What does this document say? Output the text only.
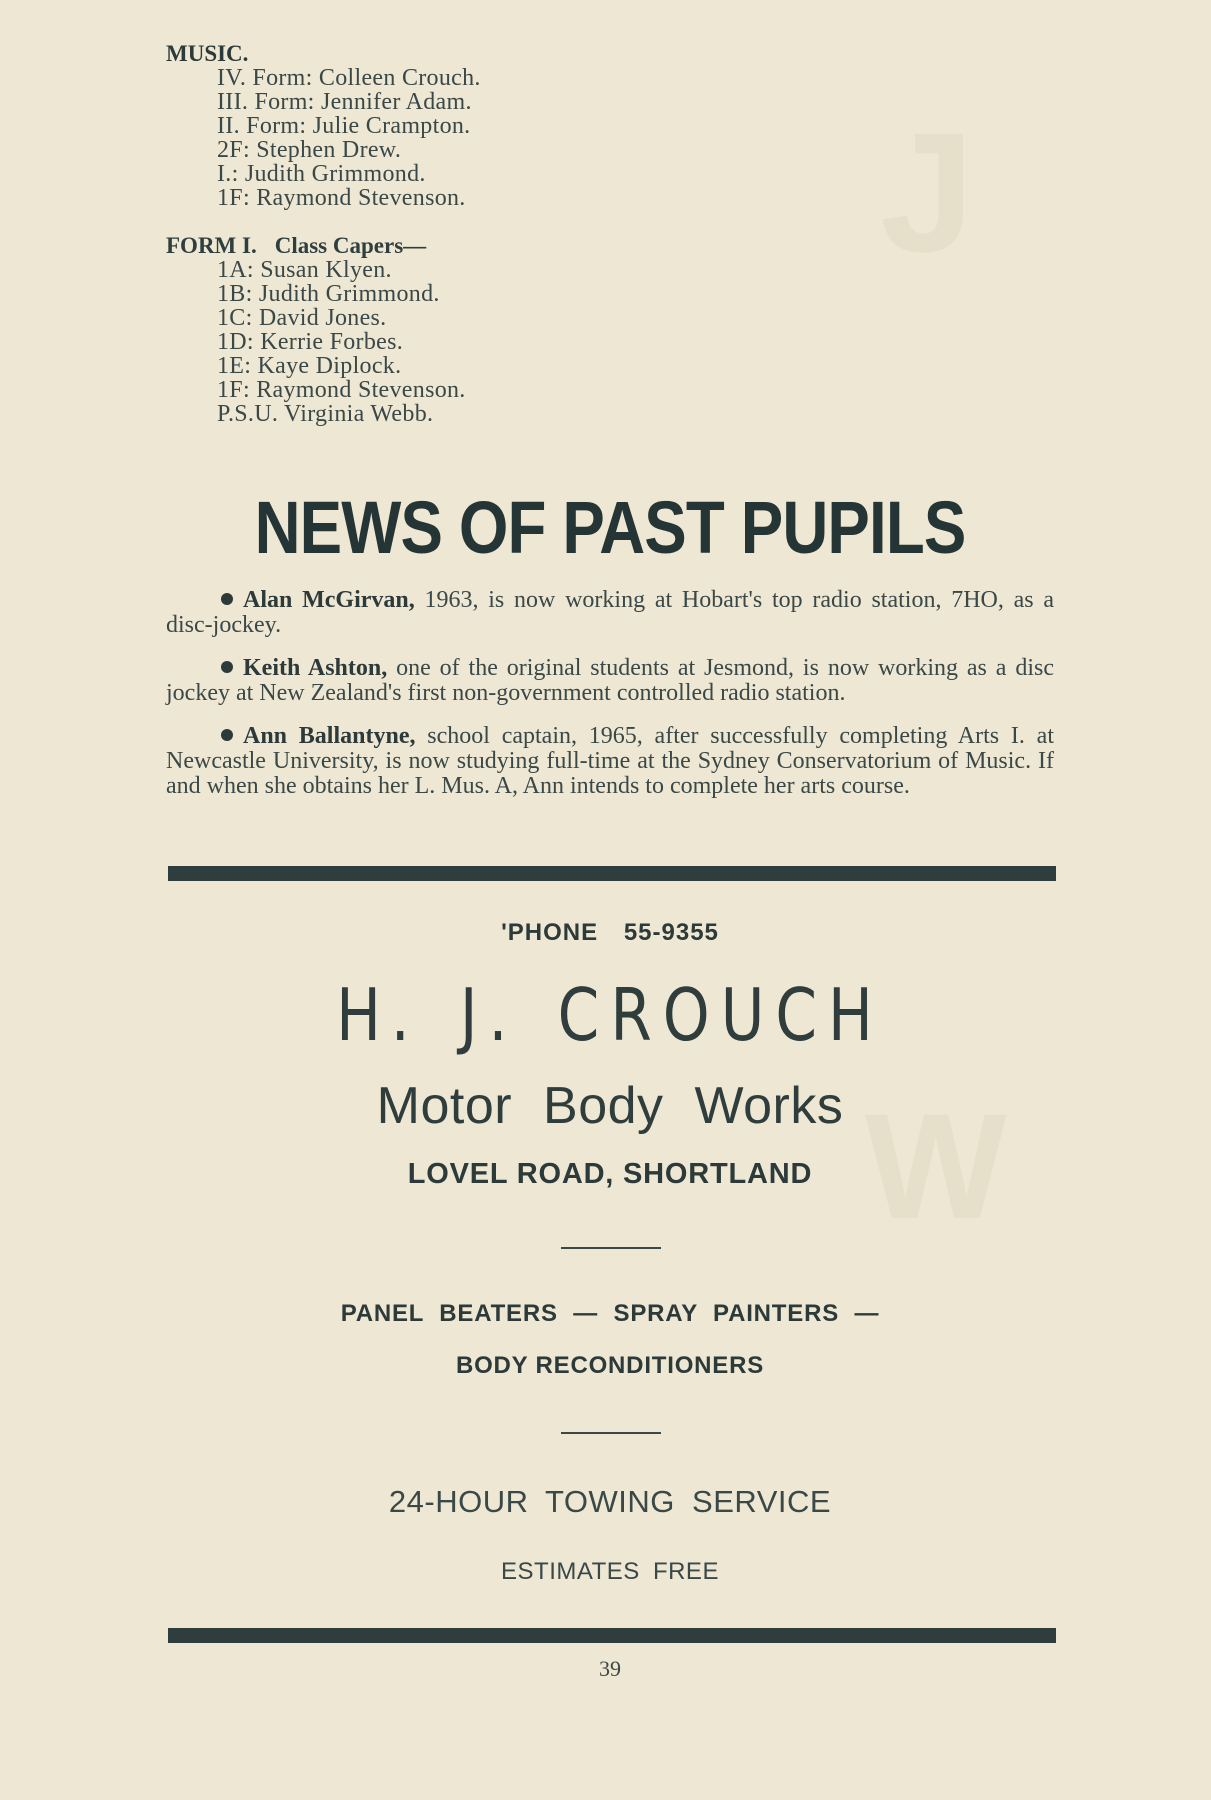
J
W
MUSIC.
IV. Form: Colleen Crouch.
III. Form: Jennifer Adam.
II. Form: Julie Crampton.
2F: Stephen Drew.
I.: Judith Grimmond.
1F: Raymond Stevenson.
FORM I. Class Capers—
1A: Susan Klyen.
1B: Judith Grimmond.
1C: David Jones.
1D: Kerrie Forbes.
1E: Kaye Diplock.
1F: Raymond Stevenson.
P.S.U. Virginia Webb.
NEWS OF PAST PUPILS

Alan McGirvan, 1963, is now working at Hobart's top radio station, 7HO, as a disc-jockey.

Keith Ashton, one of the original students at Jesmond, is now working as a disc jockey at New Zealand's first non-government controlled radio station.

Ann Ballantyne, school captain, 1965, after successfully completing Arts I. at Newcastle University, is now studying full-time at the Sydney Conservatorium of Music. If and when she obtains her L. Mus. A, Ann intends to complete her arts course.

'PHONE 55-9355
H. J. CROUCH
Motor Body Works
LOVEL ROAD, SHORTLAND
PANEL BEATERS — SPRAY PAINTERS —
BODY RECONDITIONERS
24-HOUR TOWING SERVICE
ESTIMATES FREE
39
